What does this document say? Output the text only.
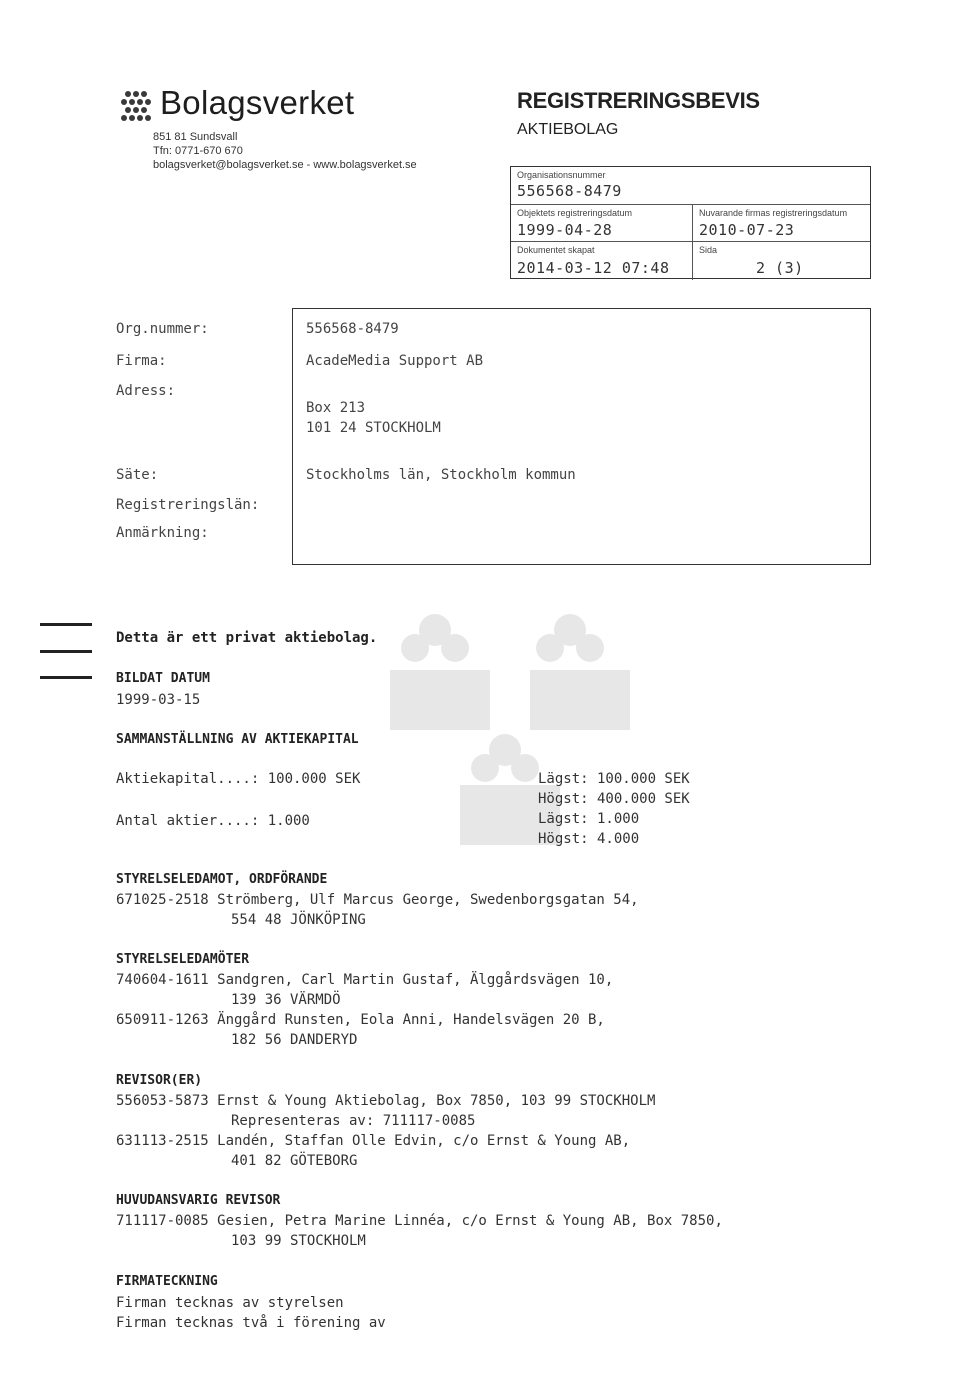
Bolagsverket
851 81 Sundsvall
Tfn: 0771-670 670
bolagsverket@bolagsverket.se - www.bolagsverket.se
REGISTRERINGSBEVIS
AKTIEBOLAG
Organisationsnummer
556568-8479
Objektets registreringsdatum
1999-04-28
Nuvarande firmas registreringsdatum
2010-07-23
Dokumentet skapat
2014-03-12 07:48
Sida
2 (3)
Org.nummer:	556568-8479
Firma:	AcadeMedia Support AB
Adress:
Box 213
101 24 STOCKHOLM
Säte:	Stockholms län, Stockholm kommun
Registreringslän:
Anmärkning:
Detta är ett privat aktiebolag.
BILDAT DATUM
1999-03-15
SAMMANSTÄLLNING AV AKTIEKAPITAL
Aktiekapital....: 100.000 SEK
Antal aktier....: 1.000
Lägst: 100.000 SEK
Högst: 400.000 SEK
Lägst: 1.000
Högst: 4.000
STYRELSELEDAMOT, ORDFÖRANDE
671025-2518 Strömberg, Ulf Marcus George, Swedenborgsgatan 54,
554 48 JÖNKÖPING
STYRELSELEDAMÖTER
740604-1611 Sandgren, Carl Martin Gustaf, Älggårdsvägen 10,
139 36 VÄRMDÖ
650911-1263 Änggård Runsten, Eola Anni, Handelsvägen 20 B,
182 56 DANDERYD
REVISOR(ER)
556053-5873 Ernst & Young Aktiebolag, Box 7850, 103 99 STOCKHOLM
Representeras av: 711117-0085
631113-2515 Landén, Staffan Olle Edvin, c/o Ernst & Young AB,
401 82 GÖTEBORG
HUVUDANSVARIG REVISOR
711117-0085 Gesien, Petra Marine Linnéa, c/o Ernst & Young AB, Box 7850,
103 99 STOCKHOLM
FIRMATECKNING
Firman tecknas av styrelsen
Firman tecknas två i förening av
